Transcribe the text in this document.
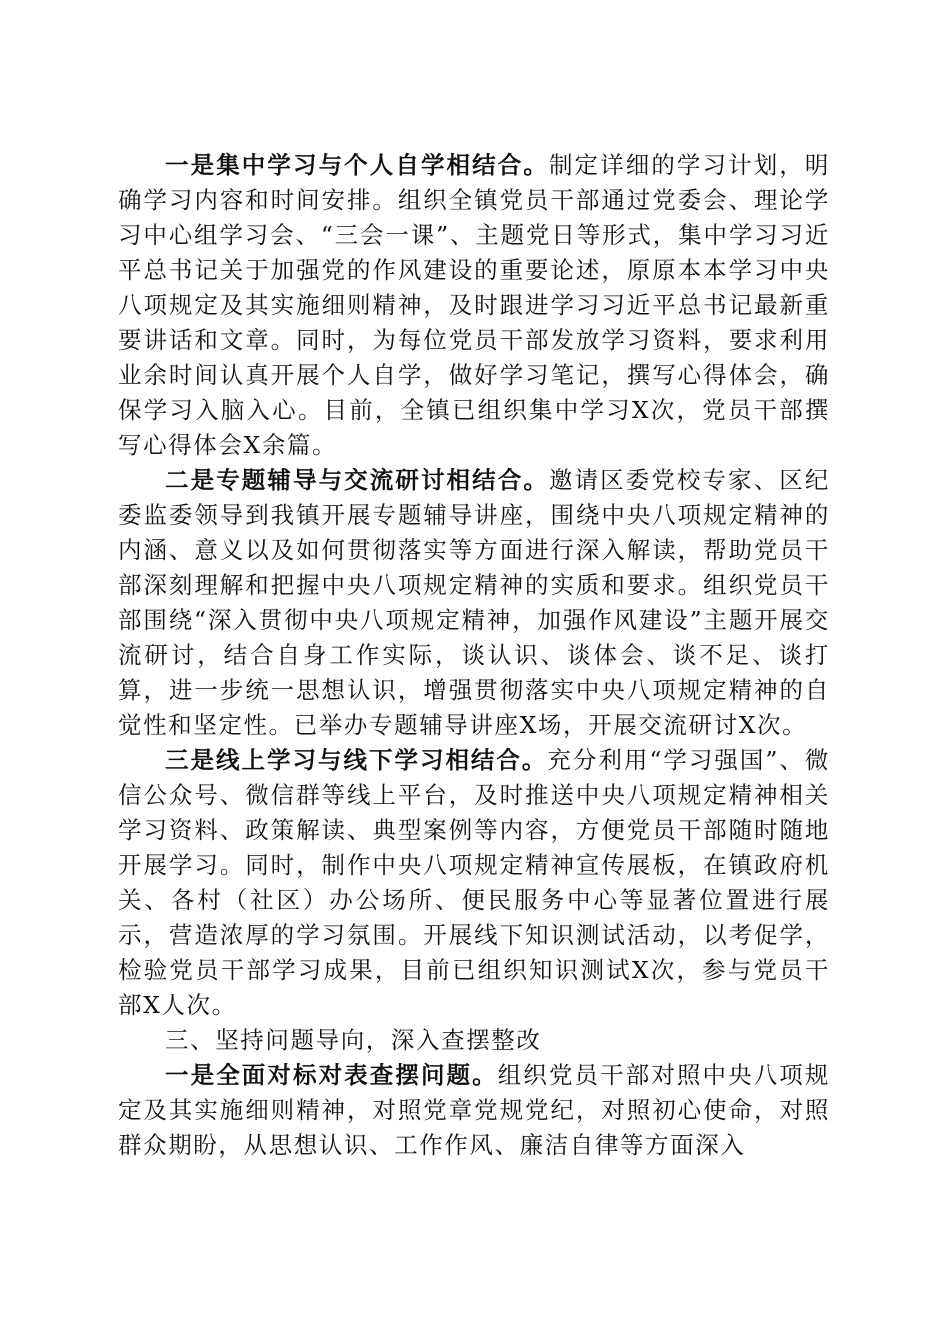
一是集中学习与个人自学相结合。制定详细的学习计划，明确学习内容和时间安排。组织全镇党员干部通过党委会、理论学习中心组学习会、“三会一课”、主题党日等形式，集中学习习近平总书记关于加强党的作风建设的重要论述，原原本本学习中央八项规定及其实施细则精神，及时跟进学习习近平总书记最新重要讲话和文章。同时，为每位党员干部发放学习资料，要求利用业余时间认真开展个人自学，做好学习笔记，撰写心得体会，确保学习入脑入心。目前，全镇已组织集中学习X次，党员干部撰写心得体会X余篇。

二是专题辅导与交流研讨相结合。邀请区委党校专家、区纪委监委领导到我镇开展专题辅导讲座，围绕中央八项规定精神的内涵、意义以及如何贯彻落实等方面进行深入解读，帮助党员干部深刻理解和把握中央八项规定精神的实质和要求。组织党员干部围绕“深入贯彻中央八项规定精神，加强作风建设”主题开展交流研讨，结合自身工作实际，谈认识、谈体会、谈不足、谈打算，进一步统一思想认识，增强贯彻落实中央八项规定精神的自觉性和坚定性。已举办专题辅导讲座X场，开展交流研讨X次。

三是线上学习与线下学习相结合。充分利用“学习强国”、微信公众号、微信群等线上平台，及时推送中央八项规定精神相关学习资料、政策解读、典型案例等内容，方便党员干部随时随地开展学习。同时，制作中央八项规定精神宣传展板，在镇政府机关、各村（社区）办公场所、便民服务中心等显著位置进行展示，营造浓厚的学习氛围。开展线下知识测试活动，以考促学，检验党员干部学习成果，目前已组织知识测试X次，参与党员干部X人次。

三、坚持问题导向，深入查摆整改

一是全面对标对表查摆问题。组织党员干部对照中央八项规定及其实施细则精神，对照党章党规党纪，对照初心使命，对照群众期盼，从思想认识、工作作风、廉洁自律等方面深入
